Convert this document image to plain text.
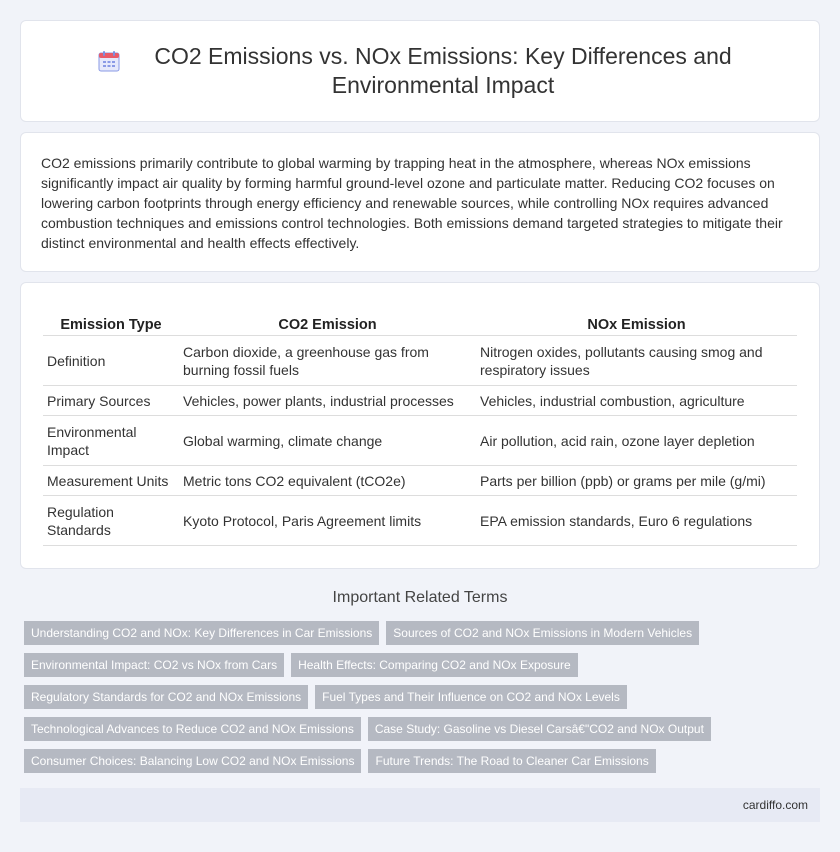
CO2 Emissions vs. NOx Emissions: Key Differences and Environmental Impact

CO2 emissions primarily contribute to global warming by trapping heat in the atmosphere, whereas NOx emissions significantly impact air quality by forming harmful ground-level ozone and particulate matter. Reducing CO2 focuses on lowering carbon footprints through energy efficiency and renewable sources, while controlling NOx requires advanced combustion techniques and emissions control technologies. Both emissions demand targeted strategies to mitigate their distinct environmental and health effects effectively.

Emission Type	CO2 Emission	NOx Emission
Definition	Carbon dioxide, a greenhouse gas from burning fossil fuels	Nitrogen oxides, pollutants causing smog and respiratory issues
Primary Sources	Vehicles, power plants, industrial processes	Vehicles, industrial combustion, agriculture
Environmental Impact	Global warming, climate change	Air pollution, acid rain, ozone layer depletion
Measurement Units	Metric tons CO2 equivalent (tCO2e)	Parts per billion (ppb) or grams per mile (g/mi)
Regulation Standards	Kyoto Protocol, Paris Agreement limits	EPA emission standards, Euro 6 regulations
Important Related Terms
Understanding CO2 and NOx: Key Differences in Car Emissions	Sources of CO2 and NOx Emissions in Modern Vehicles
Environmental Impact: CO2 vs NOx from Cars	Health Effects: Comparing CO2 and NOx Exposure
Regulatory Standards for CO2 and NOx Emissions	Fuel Types and Their Influence on CO2 and NOx Levels
Technological Advances to Reduce CO2 and NOx Emissions	Case Study: Gasoline vs Diesel Carsâ€"CO2 and NOx Output
Consumer Choices: Balancing Low CO2 and NOx Emissions	Future Trends: The Road to Cleaner Car Emissions
cardiffo.com
